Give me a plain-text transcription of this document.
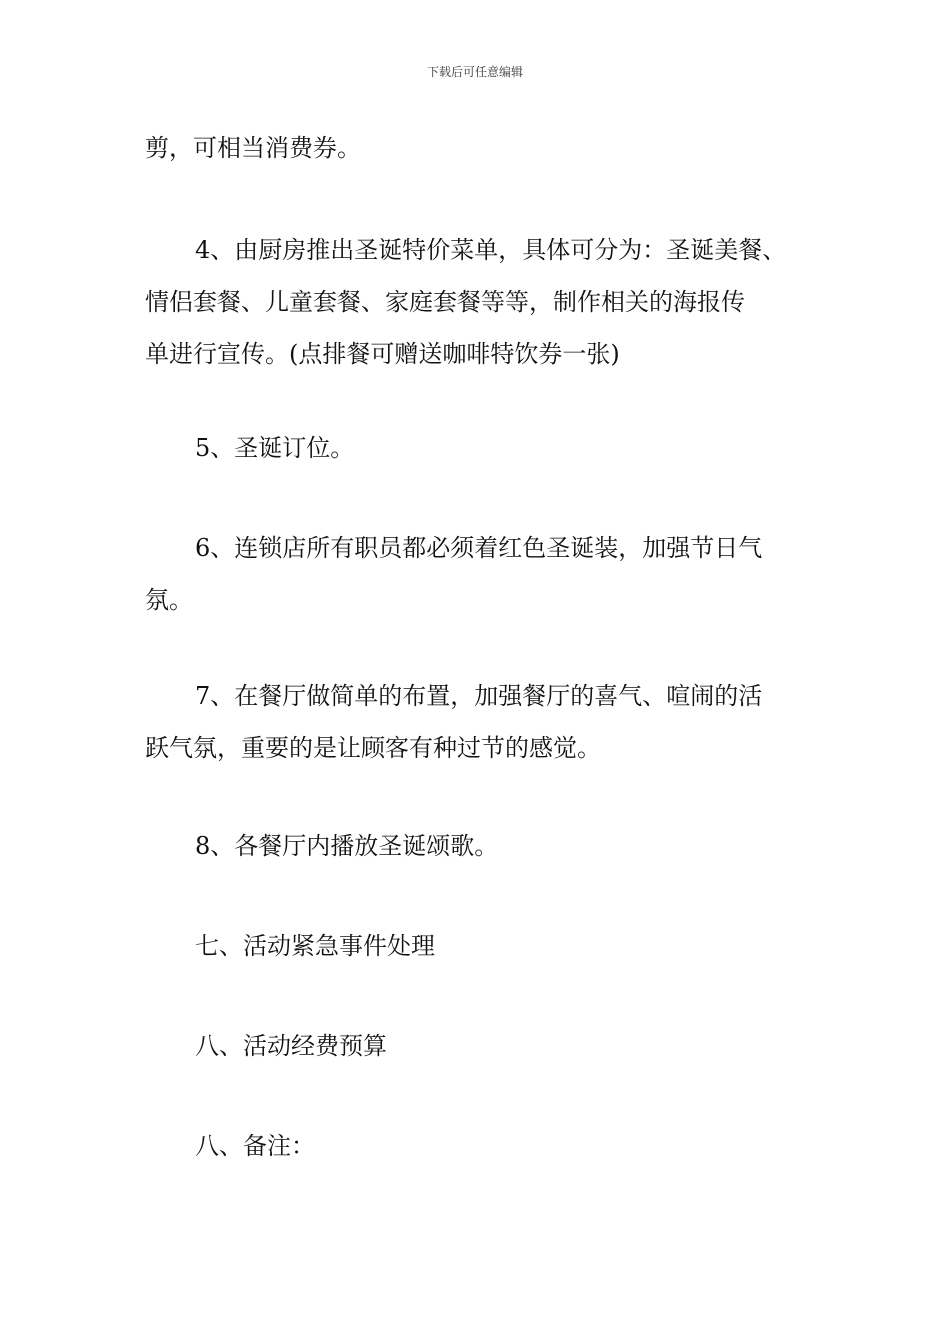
下载后可任意编辑
剪，可相当消费券。
4、由厨房推出圣诞特价菜单，具体可分为：圣诞美餐、
情侣套餐、儿童套餐、家庭套餐等等，制作相关的海报传
单进行宣传。(点排餐可赠送咖啡特饮券一张)
5、圣诞订位。
6、连锁店所有职员都必须着红色圣诞装，加强节日气
氛。
7、在餐厅做简单的布置，加强餐厅的喜气、喧闹的活
跃气氛，重要的是让顾客有种过节的感觉。
8、各餐厅内播放圣诞颂歌。
七、活动紧急事件处理
八、活动经费预算
八、备注：
